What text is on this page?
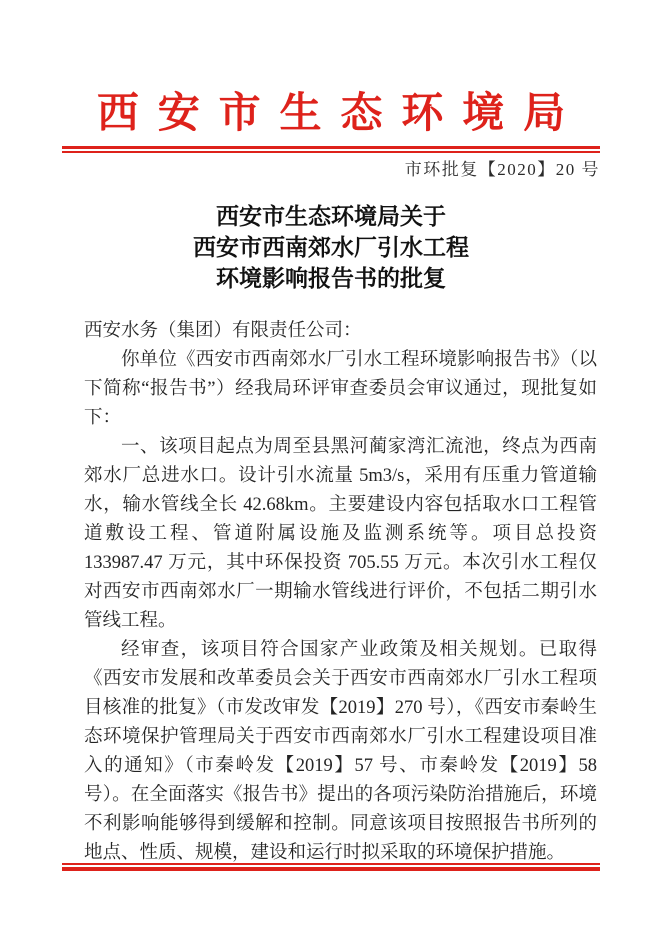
西安市生态环境局
市环批复【2020】20 号
西安市生态环境局关于
西安市西南郊水厂引水工程
环境影响报告书的批复

西安水务（集团）有限责任公司：

你单位《西安市西南郊水厂引水工程环境影响报告书》（以下简称“报告书”）经我局环评审查委员会审议通过，现批复如下：

一、该项目起点为周至县黑河蔺家湾汇流池，终点为西南郊水厂总进水口。设计引水流量 5m3/s，采用有压重力管道输水，输水管线全长 42.68km。主要建设内容包括取水口工程管道敷设工程、管道附属设施及监测系统等。项目总投资 133987.47 万元，其中环保投资 705.55 万元。本次引水工程仅对西安市西南郊水厂一期输水管线进行评价，不包括二期引水管线工程。

经审查，该项目符合国家产业政策及相关规划。已取得《西安市发展和改革委员会关于西安市西南郊水厂引水工程项目核准的批复》（市发改审发【2019】270 号），《西安市秦岭生态环境保护管理局关于西安市西南郊水厂引水工程建设项目准入的通知》（市秦岭发【2019】57 号、市秦岭发【2019】58 号）。在全面落实《报告书》提出的各项污染防治措施后，环境不利影响能够得到缓解和控制。同意该项目按照报告书所列的地点、性质、规模，建设和运行时拟采取的环境保护措施。
